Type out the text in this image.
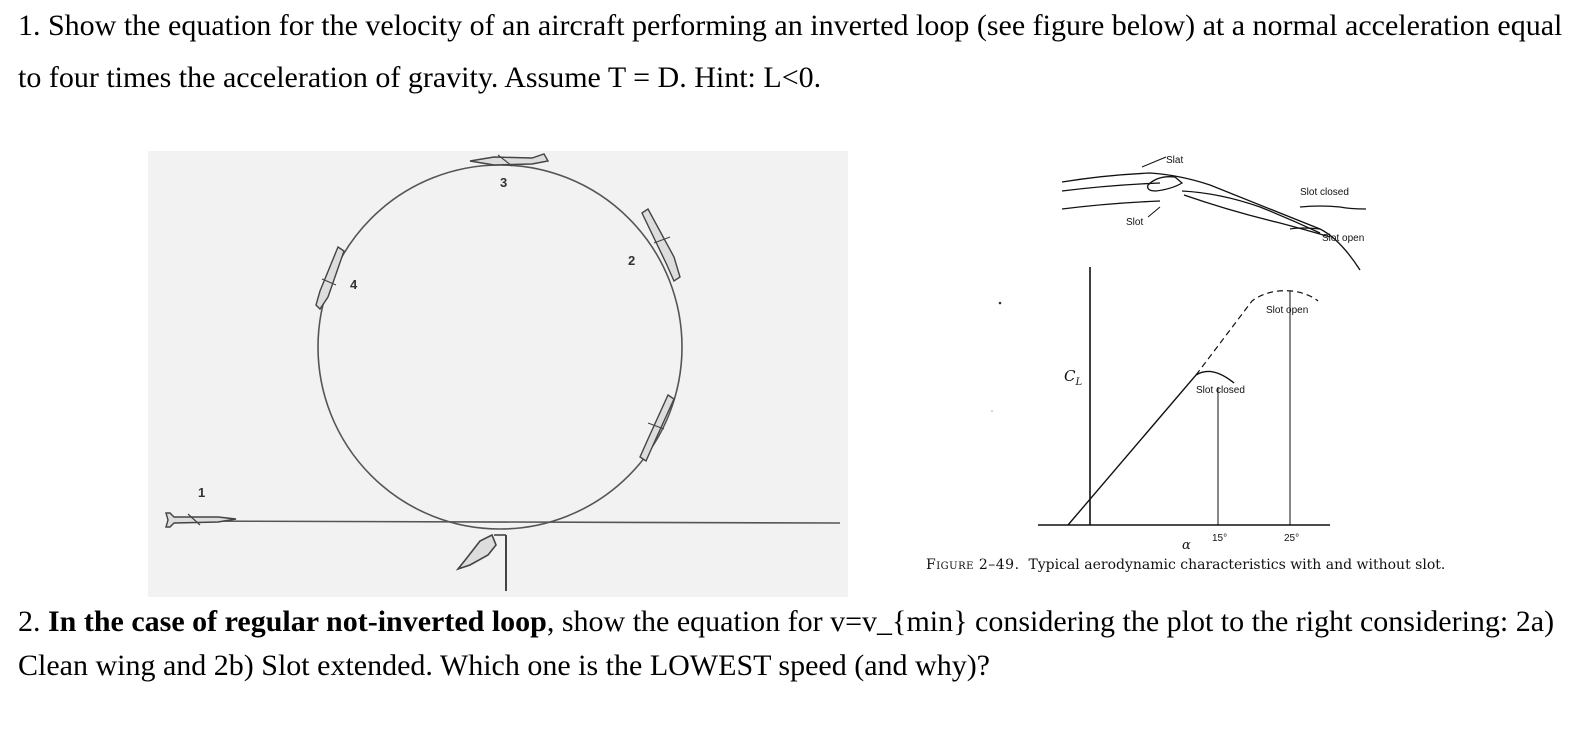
1. Show the equation for the velocity of an aircraft performing an inverted loop (see figure below) at a normal acceleration equal to four times the acceleration of gravity. Assume T = D. Hint: L<0.

1
2
3
4
Slat
Slot
Slot closed
Slot open
$C_L$
Slot open
Slot closed
α 15°	25°
Figure 2–49. Typical aerodynamic characteristics with and without slot.

2. In the case of regular not-inverted loop, show the equation for v=v_{min} considering the plot to the right considering: 2a) Clean wing and 2b) Slot extended. Which one is the LOWEST speed (and why)?
